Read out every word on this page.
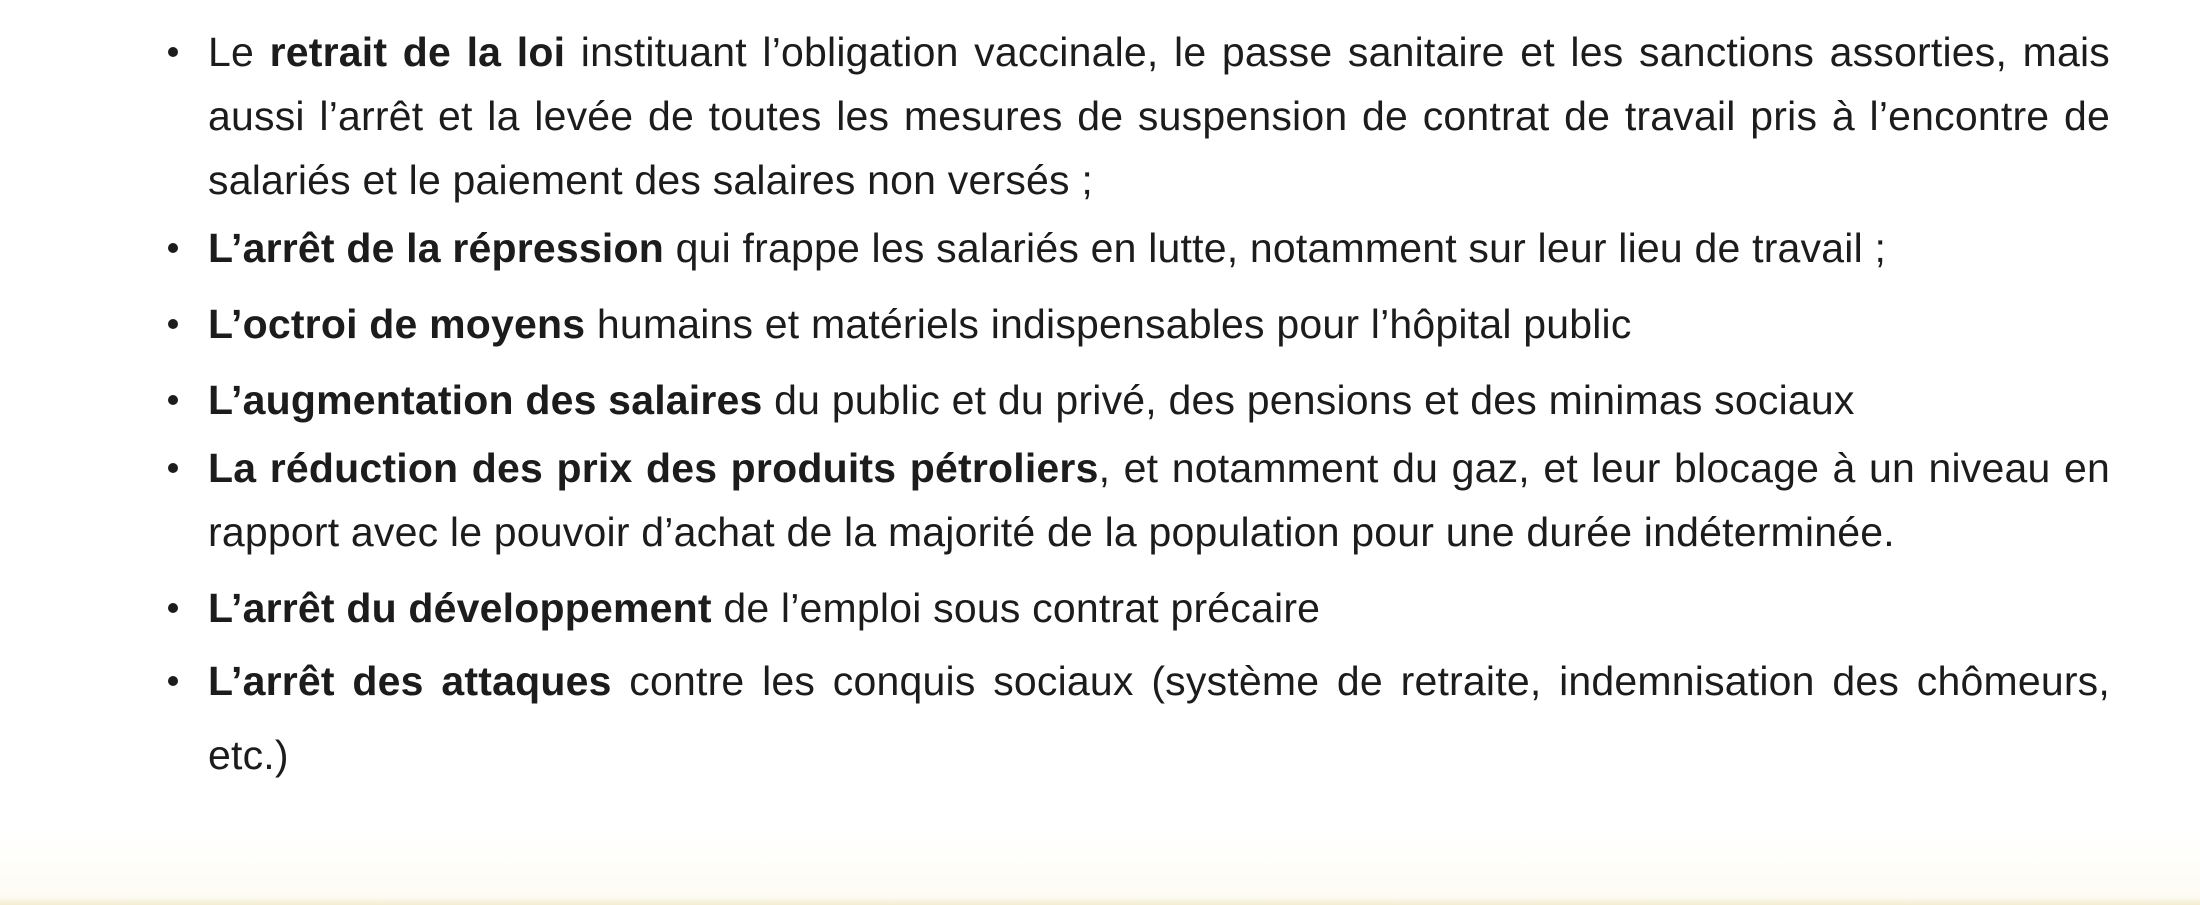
Le retrait de la loi instituant l’obligation vaccinale, le passe sanitaire et les sanctions assorties, mais aussi l’arrêt et la levée de toutes les mesures de suspension de contrat de travail pris à l’encontre de salariés et le paiement des salaires non versés ;
L’arrêt de la répression qui frappe les salariés en lutte, notamment sur leur lieu de travail ;
L’octroi de moyens humains et matériels indispensables pour l’hôpital public
L’augmentation des salaires du public et du privé, des pensions et des minimas sociaux
La réduction des prix des produits pétroliers, et notamment du gaz, et leur blocage à un niveau en rapport avec le pouvoir d’achat de la majorité de la population pour une durée indéterminée.
L’arrêt du développement de l’emploi sous contrat précaire
L’arrêt des attaques contre les conquis sociaux (système de retraite, indemnisation des chômeurs, etc.)
